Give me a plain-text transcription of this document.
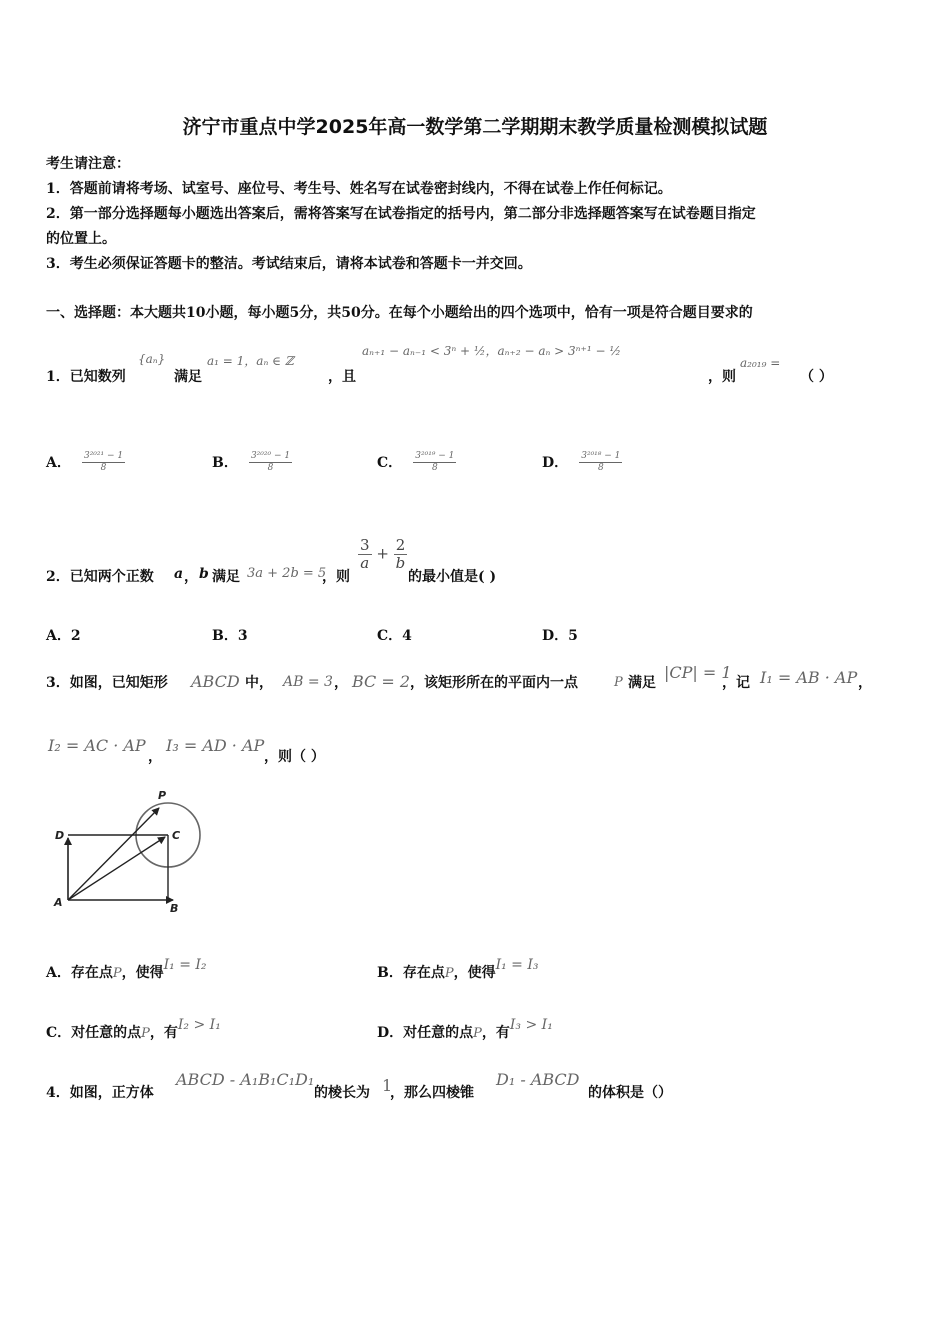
济宁市重点中学2025年高一数学第二学期期末教学质量检测模拟试题
考生请注意：
1．答题前请将考场、试室号、座位号、考生号、姓名写在试卷密封线内，不得在试卷上作任何标记。
2．第一部分选择题每小题选出答案后，需将答案写在试卷指定的括号内，第二部分非选择题答案写在试卷题目指定
的位置上。
3．考生必须保证答题卡的整洁。考试结束后，请将本试卷和答题卡一并交回。
一、选择题：本大题共10小题，每小题5分，共50分。在每个小题给出的四个选项中，恰有一项是符合题目要求的
1．已知数列
{𝑎ₙ}
满足
𝑎₁ = 1，𝑎ₙ ∈ ℤ
，且
𝑎ₙ₊₁ − 𝑎ₙ₋₁ < 3ⁿ + ½，𝑎ₙ₊₂ − 𝑎ₙ > 3ⁿ⁺¹ − ½
，则
𝑎₂₀₁₉ =
（ ）
A． $\frac{\text{3²⁰²¹ − 1}}{8}$	B． $\frac{\text{3²⁰²⁰ − 1}}{8}$	C． $\frac{\text{3²⁰¹⁹ − 1}}{8}$	D． $\frac{\text{3²⁰¹⁸ − 1}}{8}$
2．已知两个正数 a ， b 满足 3a + 2b = 5
，则
$\frac{3}{a} + \frac{2}{b}$
的最小值是( )
A．2	B．3	C．4	D．5
3．如图，已知矩形 ABCD 中， AB = 3 ， BC = 2 ，该矩形所在的平面内一点	P 满足
|CP| = 1
，记 I₁ = AB · AP ，
I₂ = AC · AP
，
I₃ = AD · AP
，则（ ）
A	B
C
D
P
A．存在点P，使得I₁ = I₂	B．存在点P，使得I₁ = I₃
C．对任意的点P，有I₂ > I₁	D．对任意的点P，有I₃ > I₁
4．如图，正方体
ABCD - A₁B₁C₁D₁
的棱长为 1
，那么四棱锥
D₁ - ABCD
的体积是（）
